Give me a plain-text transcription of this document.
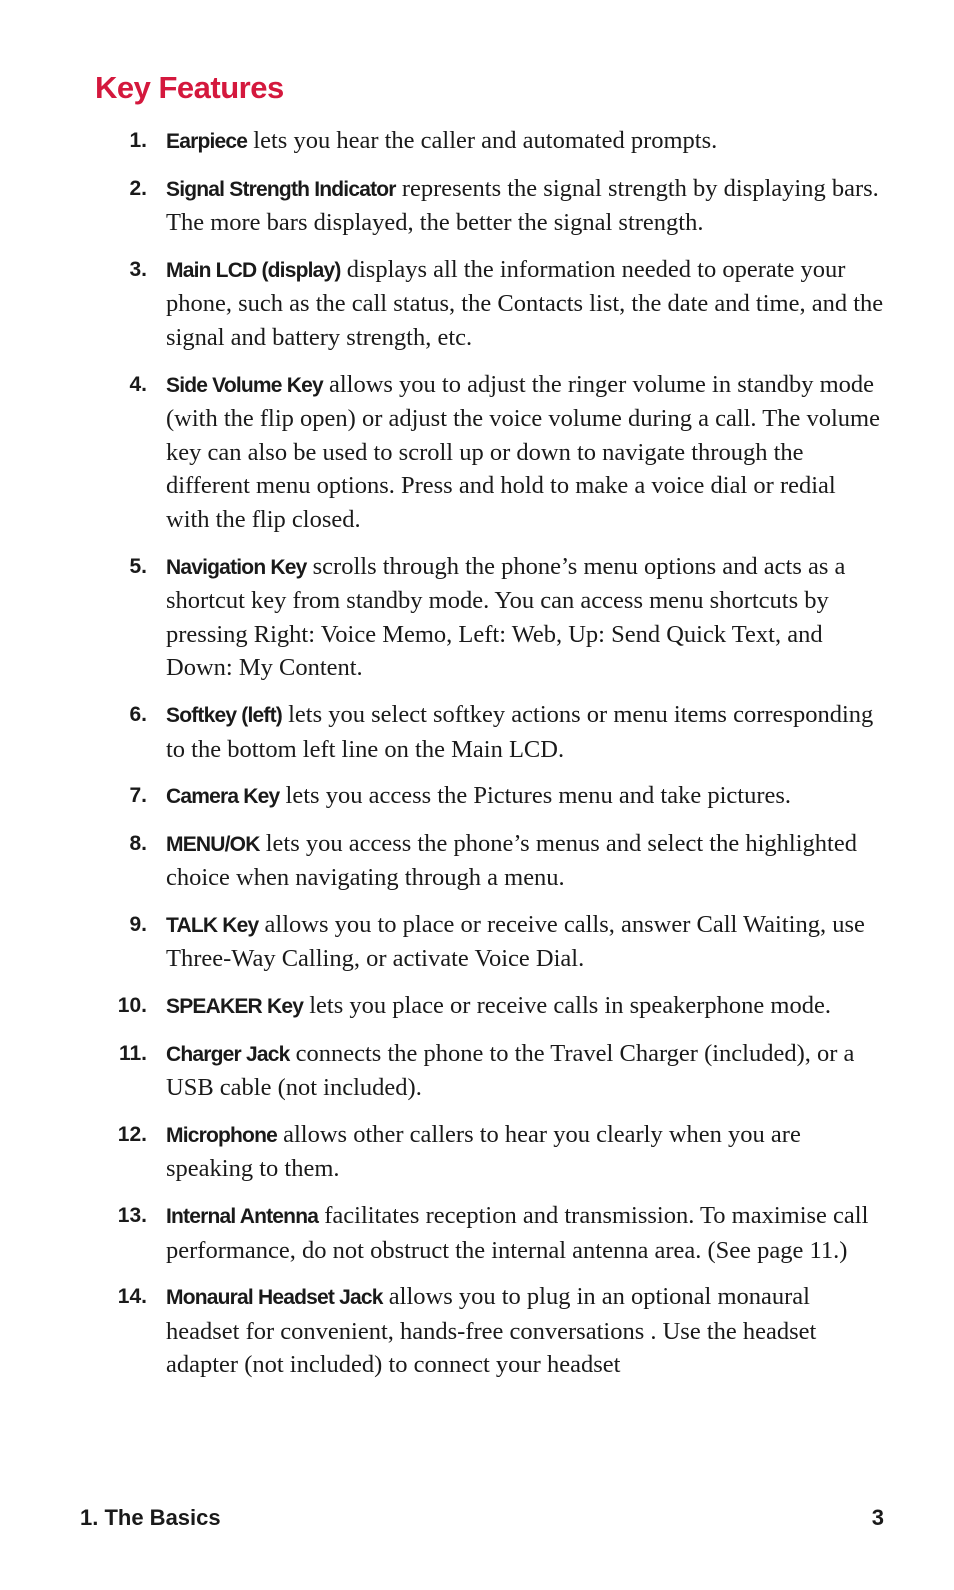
Key Features
1. Earpiece lets you hear the caller and automated prompts.
2. Signal Strength Indicator represents the signal strength by displaying bars. The more bars displayed, the better the signal strength.
3. Main LCD (display) displays all the information needed to operate your phone, such as the call status, the Contacts list, the date and time, and the signal and battery strength, etc.
4. Side Volume Key allows you to adjust the ringer volume in standby mode (with the flip open) or adjust the voice volume during a call. The volume key can also be used to scroll up or down to navigate through the different menu options. Press and hold to make a voice dial or redial with the flip closed.
5. Navigation Key scrolls through the phone’s menu options and acts as a shortcut key from standby mode. You can access menu shortcuts by pressing Right: Voice Memo, Left: Web, Up: Send Quick Text, and Down: My Content.
6. Softkey (left) lets you select softkey actions or menu items corresponding to the bottom left line on the Main LCD.
7. Camera Key lets you access the Pictures menu and take pictures.
8. MENU/OK lets you access the phone’s menus and select the highlighted choice when navigating through a menu.
9. TALK Key allows you to place or receive calls, answer Call Waiting, use Three-Way Calling, or activate Voice Dial.
10. SPEAKER Key lets you place or receive calls in speakerphone mode.
11. Charger Jack connects the phone to the Travel Charger (included), or a USB cable (not included).
12. Microphone allows other callers to hear you clearly when you are speaking to them.
13. Internal Antenna facilitates reception and transmission. To maximise call performance, do not obstruct the internal antenna area. (See page 11.)
14. Monaural Headset Jack allows you to plug in an optional monaural headset for convenient, hands-free conversations . Use the headset adapter (not included) to connect your headset
1. The Basics	3
